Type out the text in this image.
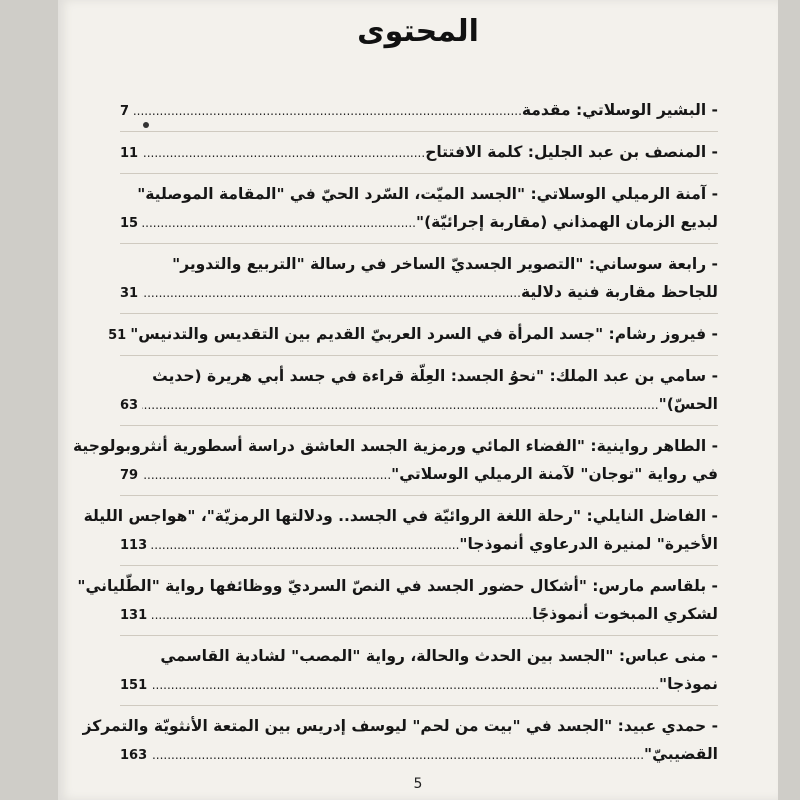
المحتوى
- البشير الوسلاتي: مقدمة
.....
7
- المنصف بن عبد الجليل: كلمة الافتتاح
.....
11
- آمنة الرميلي الوسلاتي: "الجسد الميّت، السّرد الحيّ في "المقامة الموصلية"
لبديع الزمان الهمذاني (مقاربة إجرائيّة)"
.....
15
- رابعة سوساني: "التصوير الجسديّ الساخر في رسالة "التربيع والتدوير"
للجاحظ مقاربة فنية دلالية
.....
31
- فيروز رشام: "جسد المرأة في السرد العربيّ القديم بين التقديس والتدنيس"
51
- سامي بن عبد الملك: "نحوُ الجسد: العِلّة قراءة في جسد أبي هريرة (حديث
الحسّ)"
.....
63
- الطاهر رواينية: "الفضاء المائي ورمزية الجسد العاشق دراسة أسطورية أنثروبولوجية
في رواية "توجان" لآمنة الرميلي الوسلاتي"
.....
79
- الفاضل النايلي: "رحلة اللغة الروائيّة في الجسد.. ودلالتها الرمزيّة"، "هواجس الليلة
الأخيرة" لمنيرة الدرعاوي أنموذجا"
.....
113
- بلقاسم مارس: "أشكال حضور الجسد في النصّ السرديّ ووظائفها رواية "الطّلياني"
لشكري المبخوت أنموذجًا
.....
131
- منى عباس: "الجسد بين الحدث والحالة، رواية "المصب" لشادية القاسمي
نموذجا"
.....
151
- حمدي عبيد: "الجسد في "بيت من لحم" ليوسف إدريس بين المتعة الأنثويّة والتمركز
القضيبيّ"
.....
163
5
